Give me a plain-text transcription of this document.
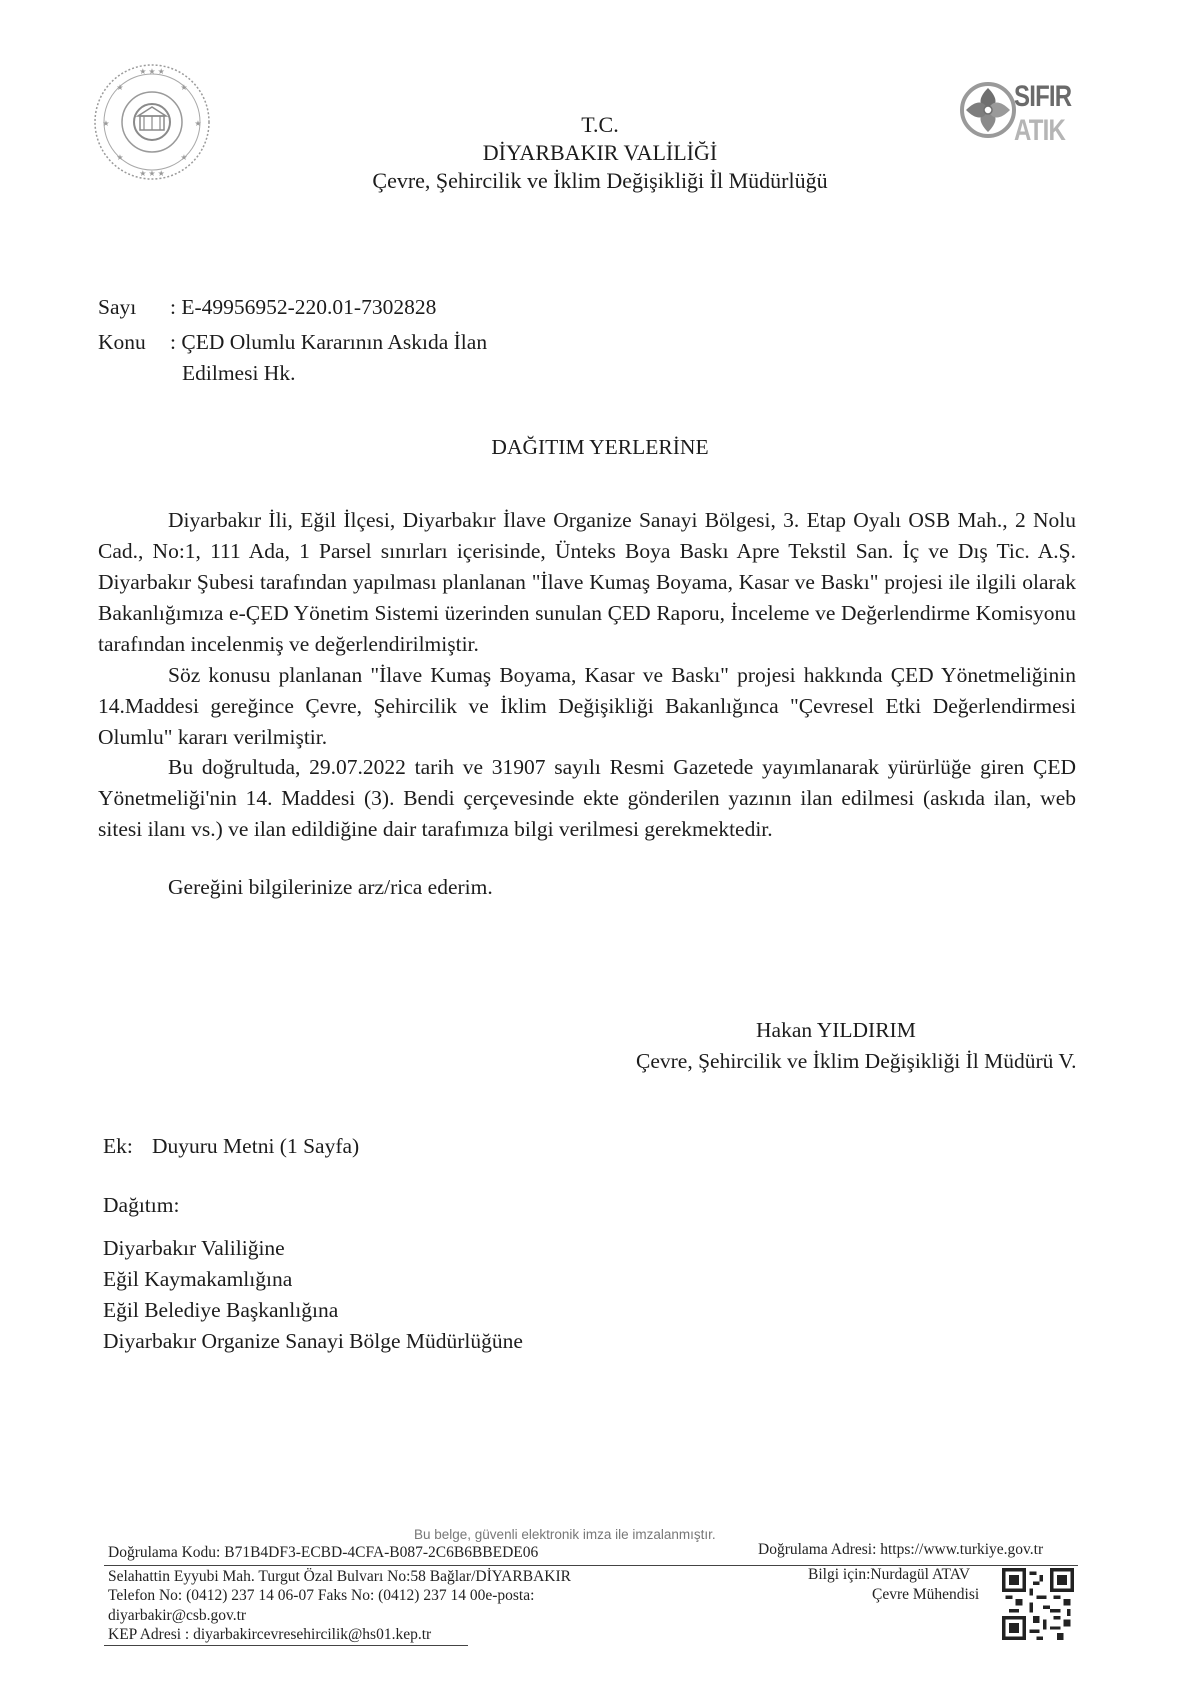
★ ★ ★
★	★
★ ★ ★
★	★
★	★
SIFIR
ATIK
T.C.
DİYARBAKIR VALİLİĞİ
Çevre, Şehircilik ve İklim Değişikliği İl Müdürlüğü
Sayı : E-49956952-220.01-7302828
Konu : ÇED Olumlu Kararının Askıda İlan
Edilmesi Hk.
DAĞITIM YERLERİNE

Diyarbakır İli, Eğil İlçesi, Diyarbakır İlave Organize Sanayi Bölgesi, 3. Etap Oyalı OSB Mah., 2 Nolu Cad., No:1, 111 Ada, 1 Parsel sınırları içerisinde, Ünteks Boya Baskı Apre Tekstil San. İç ve Dış Tic. A.Ş. Diyarbakır Şubesi tarafından yapılması planlanan "İlave Kumaş Boyama, Kasar ve Baskı" projesi ile ilgili olarak Bakanlığımıza e-ÇED Yönetim Sistemi üzerinden sunulan ÇED Raporu, İnceleme ve Değerlendirme Komisyonu tarafından incelenmiş ve değerlendirilmiştir.

Söz konusu planlanan "İlave Kumaş Boyama, Kasar ve Baskı" projesi hakkında ÇED Yönetmeliğinin 14.Maddesi gereğince Çevre, Şehircilik ve İklim Değişikliği Bakanlığınca "Çevresel Etki Değerlendirmesi Olumlu" kararı verilmiştir.

Bu doğrultuda, 29.07.2022 tarih ve 31907 sayılı Resmi Gazetede yayımlanarak yürürlüğe giren ÇED Yönetmeliği'nin 14. Maddesi (3). Bendi çerçevesinde ekte gönderilen yazının ilan edilmesi (askıda ilan, web sitesi ilanı vs.) ve ilan edildiğine dair tarafımıza bilgi verilmesi gerekmektedir.

Gereğini bilgilerinize arz/rica ederim.
Hakan YILDIRIM
Çevre, Şehircilik ve İklim Değişikliği İl Müdürü V.
Ek: Duyuru Metni (1 Sayfa)
Dağıtım:
Diyarbakır Valiliğine
Eğil Kaymakamlığına
Eğil Belediye Başkanlığına
Diyarbakır Organize Sanayi Bölge Müdürlüğüne
Bu belge, güvenli elektronik imza ile imzalanmıştır.
Doğrulama Kodu: B71B4DF3-ECBD-4CFA-B087-2C6B6BBEDE06	Doğrulama Adresi: https://www.turkiye.gov.tr
Selahattin Eyyubi Mah. Turgut Özal Bulvarı No:58 Bağlar/DİYARBAKIR
Telefon No: (0412) 237 14 06-07 Faks No: (0412) 237 14 00e-posta:
diyarbakir@csb.gov.tr
KEP Adresi : diyarbakircevresehircilik@hs01.kep.tr
Bilgi için:Nurdagül ATAV
Çevre Mühendisi
